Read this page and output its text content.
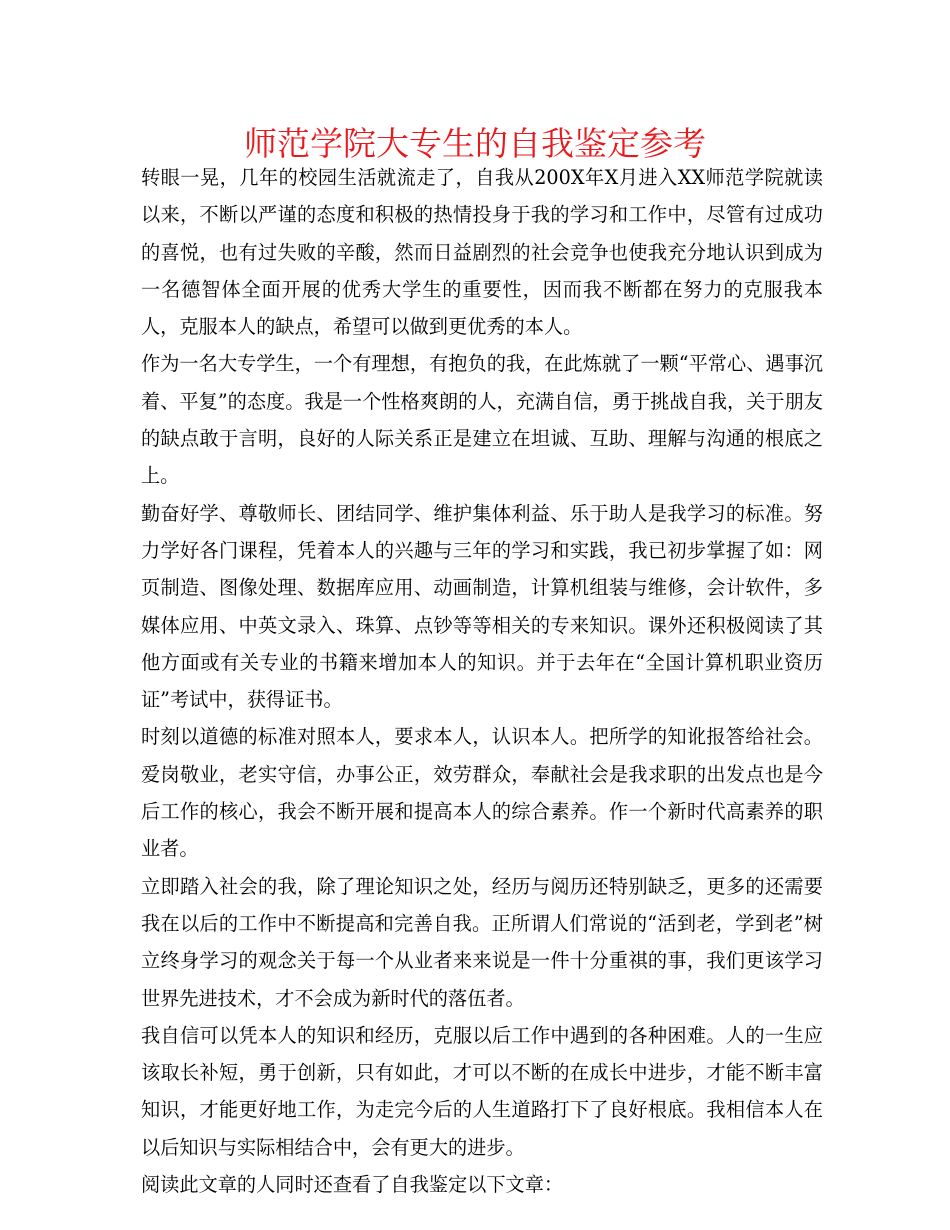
师范学院大专生的自我鉴定参考

转眼一晃，几年的校园生活就流走了，自我从200X年X月进入XX师范学院就读以来，不断以严谨的态度和积极的热情投身于我的学习和工作中，尽管有过成功的喜悦，也有过失败的辛酸，然而日益剧烈的社会竞争也使我充分地认识到成为一名德智体全面开展的优秀大学生的重要性，因而我不断都在努力的克服我本人，克服本人的缺点，希望可以做到更优秀的本人。

作为一名大专学生，一个有理想，有抱负的我，在此炼就了一颗“平常心、遇事沉着、平复”的态度。我是一个性格爽朗的人，充满自信，勇于挑战自我，关于朋友的缺点敢于言明，良好的人际关系正是建立在坦诚、互助、理解与沟通的根底之上。

勤奋好学、尊敬师长、团结同学、维护集体利益、乐于助人是我学习的标准。努力学好各门课程，凭着本人的兴趣与三年的学习和实践，我已初步掌握了如：网页制造、图像处理、数据库应用、动画制造，计算机组装与维修，会计软件，多媒体应用、中英文录入、珠算、点钞等等相关的专来知识。课外还积极阅读了其他方面或有关专业的书籍来增加本人的知识。并于去年在“全国计算机职业资历证”考试中，获得证书。

时刻以道德的标准对照本人，要求本人，认识本人。把所学的知讹报答给社会。爱岗敬业，老实守信，办事公正，效劳群众，奉献社会是我求职的出发点也是今后工作的核心，我会不断开展和提高本人的综合素养。作一个新时代高素养的职业者。

立即踏入社会的我，除了理论知识之处，经历与阅历还特别缺乏，更多的还需要我在以后的工作中不断提高和完善自我。正所谓人们常说的“活到老，学到老”树立终身学习的观念关于每一个从业者来来说是一件十分重祺的事，我们更该学习世界先进技术，才不会成为新时代的落伍者。

我自信可以凭本人的知识和经历，克服以后工作中遇到的各种困难。人的一生应该取长补短，勇于创新，只有如此，才可以不断的在成长中进步，才能不断丰富知识，才能更好地工作，为走完今后的人生道路打下了良好根底。我相信本人在以后知识与实际相结合中，会有更大的进步。

阅读此文章的人同时还查看了自我鉴定以下文章：
